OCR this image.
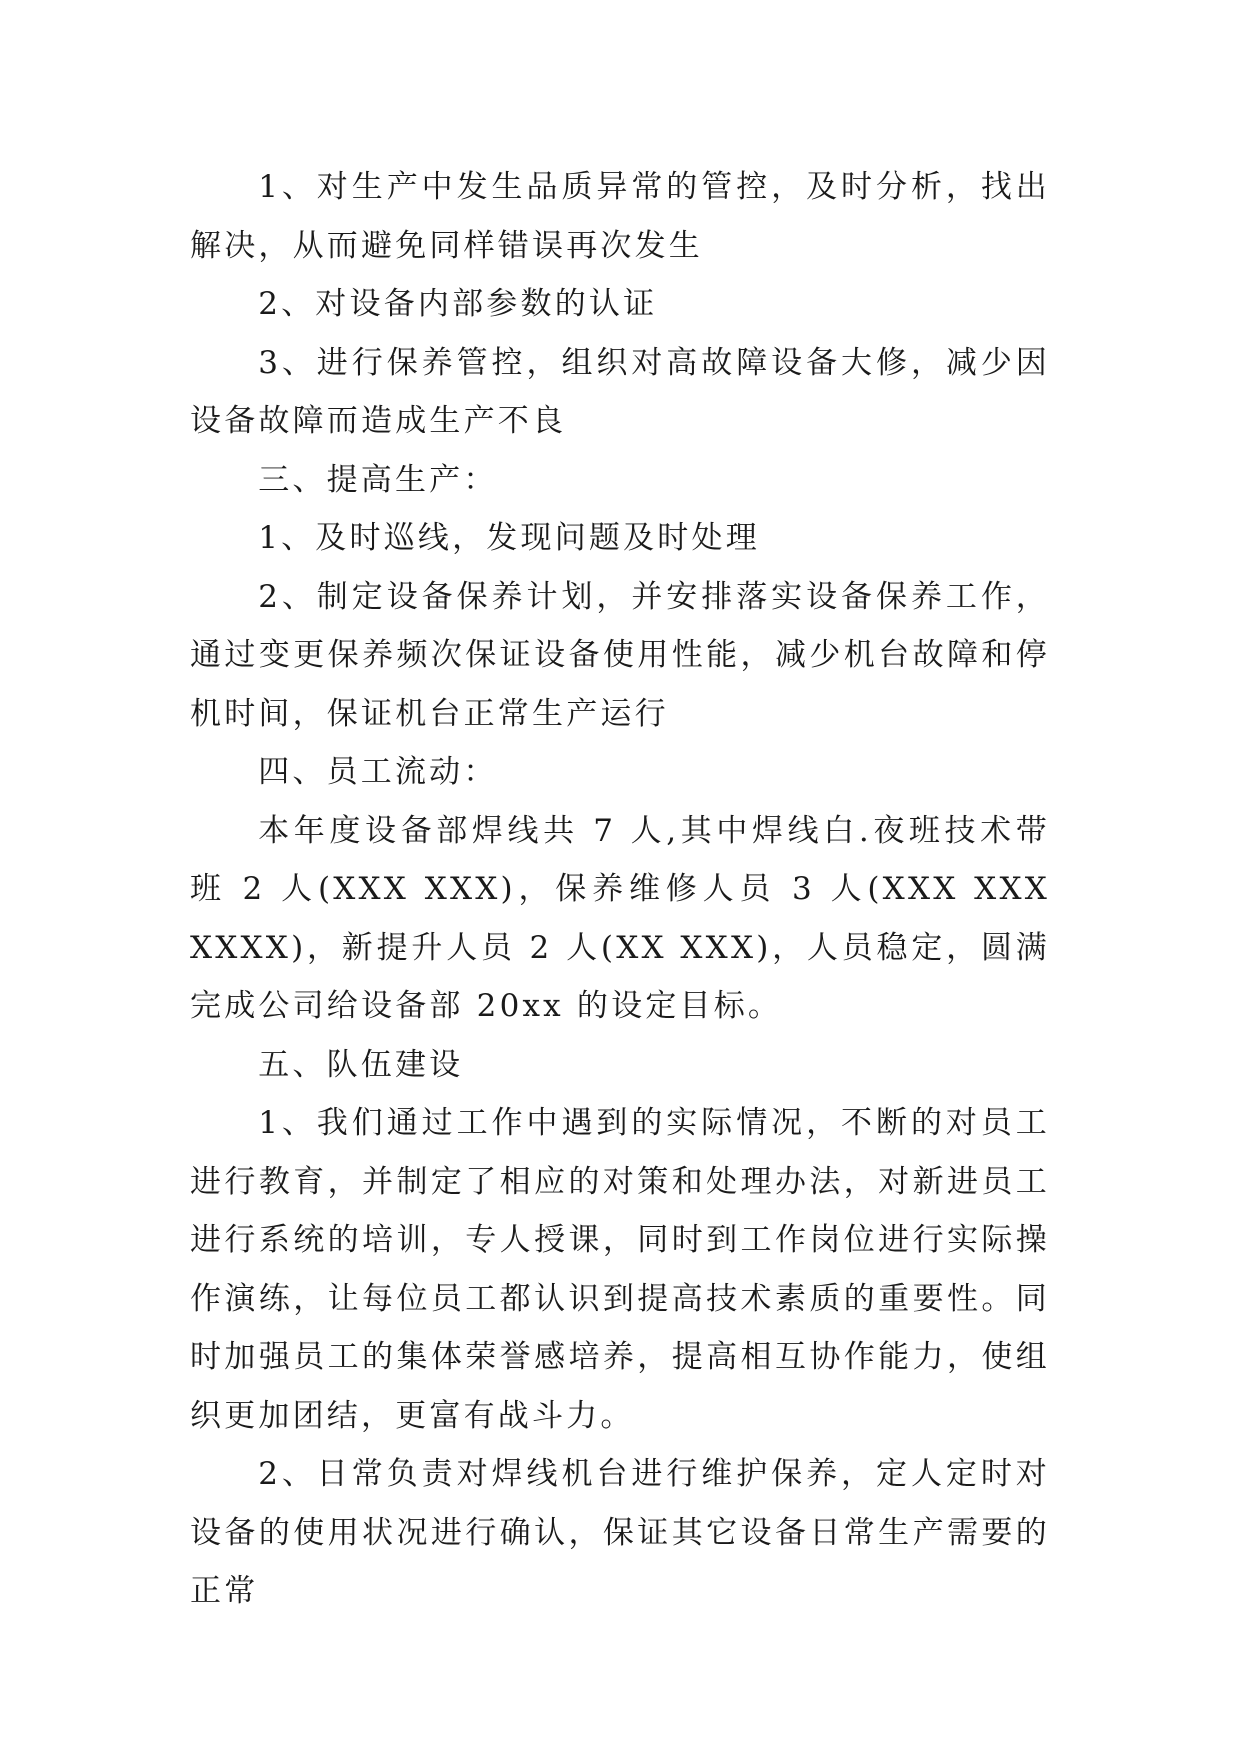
1、对生产中发生品质异常的管控，及时分析，找出解决，从而避免同样错误再次发生

2、对设备内部参数的认证

3、进行保养管控，组织对高故障设备大修，减少因设备故障而造成生产不良

三、提高生产：

1、及时巡线，发现问题及时处理

2、制定设备保养计划，并安排落实设备保养工作，通过变更保养频次保证设备使用性能，减少机台故障和停机时间，保证机台正常生产运行

四、员工流动：

本年度设备部焊线共 7 人,其中焊线白.夜班技术带班 2 人(XXX XXX)，保养维修人员 3 人(XXX XXX XXXX)，新提升人员 2 人(XX XXX)，人员稳定，圆满完成公司给设备部 20xx 的设定目标。

五、队伍建设

1、我们通过工作中遇到的实际情况，不断的对员工进行教育，并制定了相应的对策和处理办法，对新进员工进行系统的培训，专人授课，同时到工作岗位进行实际操作演练，让每位员工都认识到提高技术素质的重要性。同时加强员工的集体荣誉感培养，提高相互协作能力，使组织更加团结，更富有战斗力。

2、日常负责对焊线机台进行维护保养，定人定时对设备的使用状况进行确认，保证其它设备日常生产需要的正常
